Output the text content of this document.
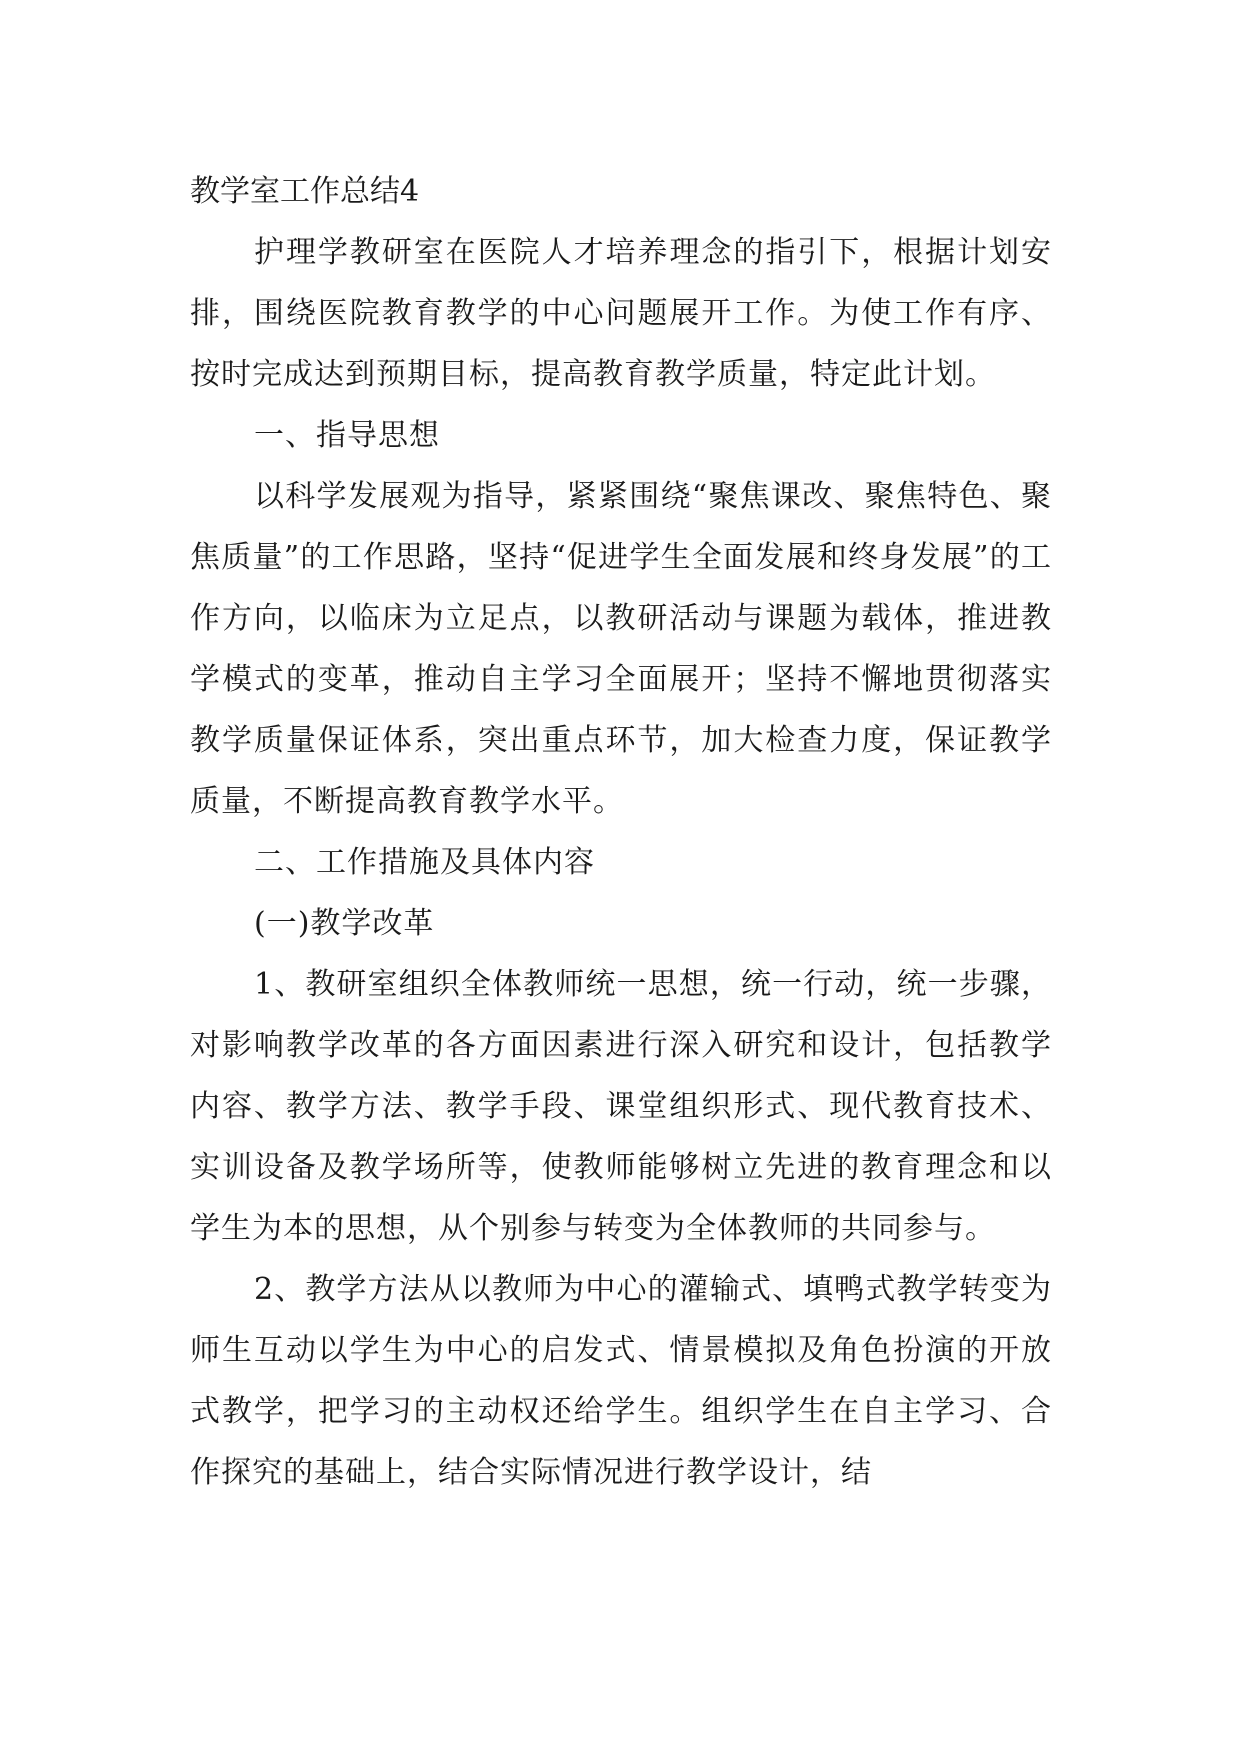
教学室工作总结4

护理学教研室在医院人才培养理念的指引下，根据计划安排，围绕医院教育教学的中心问题展开工作。为使工作有序、按时完成达到预期目标，提高教育教学质量，特定此计划。

一、指导思想

以科学发展观为指导，紧紧围绕“聚焦课改、聚焦特色、聚焦质量”的工作思路，坚持“促进学生全面发展和终身发展”的工作方向，以临床为立足点，以教研活动与课题为载体，推进教学模式的变革，推动自主学习全面展开；坚持不懈地贯彻落实教学质量保证体系，突出重点环节，加大检查力度，保证教学质量，不断提高教育教学水平。

二、工作措施及具体内容

(一)教学改革

1、教研室组织全体教师统一思想，统一行动，统一步骤，对影响教学改革的各方面因素进行深入研究和设计，包括教学内容、教学方法、教学手段、课堂组织形式、现代教育技术、实训设备及教学场所等，使教师能够树立先进的教育理念和以学生为本的思想，从个别参与转变为全体教师的共同参与。

2、教学方法从以教师为中心的灌输式、填鸭式教学转变为师生互动以学生为中心的启发式、情景模拟及角色扮演的开放式教学，把学习的主动权还给学生。组织学生在自主学习、合作探究的基础上，结合实际情况进行教学设计，结
